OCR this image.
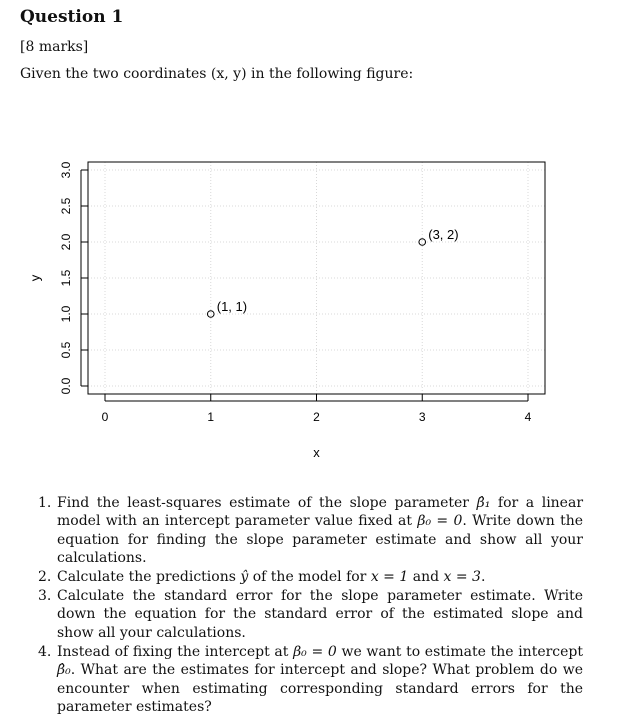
Question 1
[8 marks]
Given the two coordinates (x, y) in the following figure:
0	1	2	3	4
0.0
0.5
1.0
1.5
2.0
2.5
3.0
x
y
(1, 1)
(3, 2)
1. Find the least-squares estimate of the slope parameter β̂₁ for a linear model with an intercept parameter value fixed at β₀ = 0. Write down the equation for finding the slope parameter estimate and show all your calculations.
2. Calculate the predictions ŷ of the model for x = 1 and x = 3.
3. Calculate the standard error for the slope parameter estimate. Write down the equation for the standard error of the estimated slope and show all your calculations.
4. Instead of fixing the intercept at β₀ = 0 we want to estimate the intercept β̂₀. What are the estimates for intercept and slope? What problem do we encounter when estimating corresponding standard errors for the parameter estimates?
